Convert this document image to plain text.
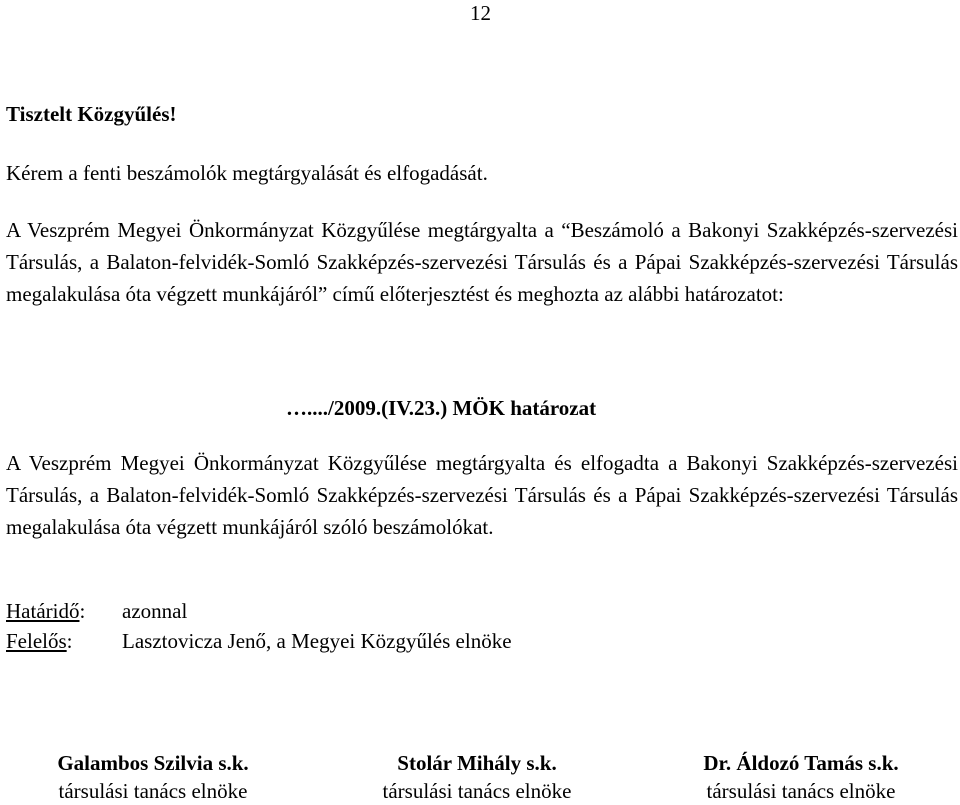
12
Tisztelt Közgyűlés!
Kérem a fenti beszámolók megtárgyalását és elfogadását.
A Veszprém Megyei Önkormányzat Közgyűlése megtárgyalta a “Beszámoló a Bakonyi Szakképzés-szervezési Társulás, a Balaton-felvidék-Somló Szakképzés-szervezési Társulás és a Pápai Szakképzés-szervezési Társulás megalakulása óta végzett munkájáról” című előterjesztést és meghozta az alábbi határozatot:
…..../2009.(IV.23.) MÖK határozat
A Veszprém Megyei Önkormányzat Közgyűlése megtárgyalta és elfogadta a Bakonyi Szakképzés-szervezési Társulás, a Balaton-felvidék-Somló Szakképzés-szervezési Társulás és a Pápai Szakképzés-szervezési Társulás megalakulása óta végzett munkájáról szóló beszámolókat.
Határidő: azonnal
Felelős: Lasztovicza Jenő, a Megyei Közgyűlés elnöke
Galambos Szilvia s.k.
társulási tanács elnöke
Stolár Mihály s.k.
társulási tanács elnöke
Dr. Áldozó Tamás s.k.
társulási tanács elnöke
